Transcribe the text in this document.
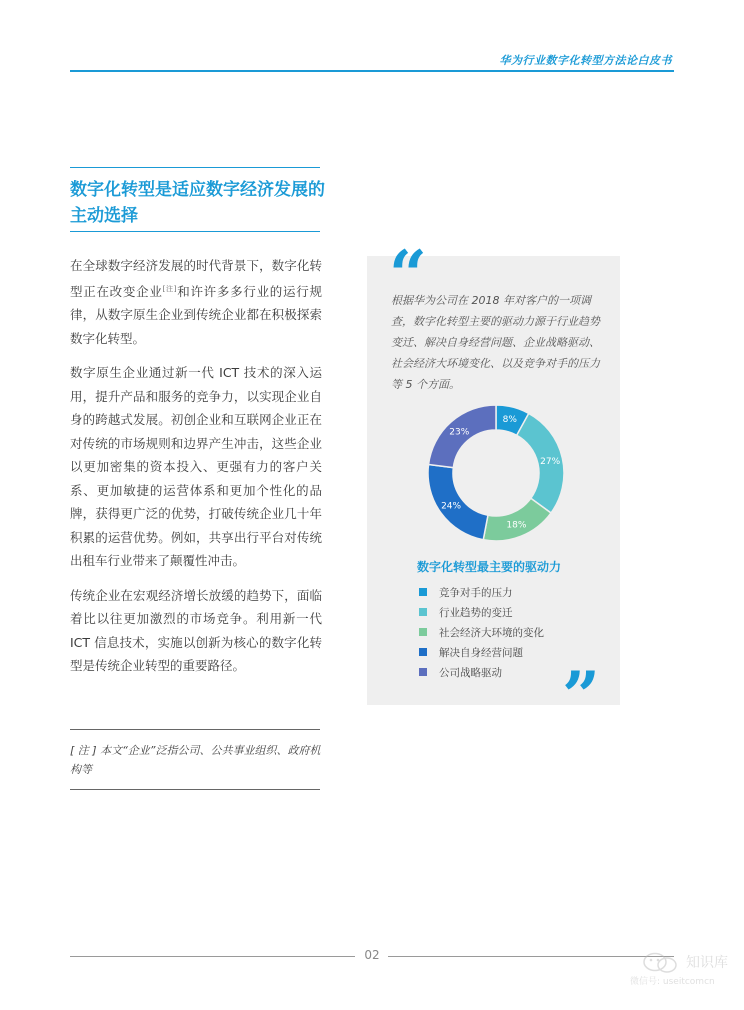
华为行业数字化转型方法论白皮书
数字化转型是适应数字经济发展的主动选择

在全球数字经济发展的时代背景下，数字化转型正在改变企业[注]和许许多多行业的运行规律，从数字原生企业到传统企业都在积极探索数字化转型。

数字原生企业通过新一代 ICT 技术的深入运用，提升产品和服务的竞争力，以实现企业自身的跨越式发展。初创企业和互联网企业正在对传统的市场规则和边界产生冲击，这些企业以更加密集的资本投入、更强有力的客户关系、更加敏捷的运营体系和更加个性化的品牌，获得更广泛的优势，打破传统企业几十年积累的运营优势。例如，共享出行平台对传统出租车行业带来了颠覆性冲击。

传统企业在宏观经济增长放缓的趋势下，面临着比以往更加激烈的市场竞争。利用新一代 ICT 信息技术，实施以创新为核心的数字化转型是传统企业转型的重要路径。

[ 注 ] 本文“企业”泛指公司、公共事业组织、政府机构等
“
根据华为公司在 2018 年对客户的一项调查，数字化转型主要的驱动力源于行业趋势变迁、解决自身经营问题、企业战略驱动、社会经济大环境变化、以及竞争对手的压力等 5 个方面。
8%
27%
18%
24%
23%
数字化转型最主要的驱动力
竞争对手的压力
行业趋势的变迁
社会经济大环境的变化
解决自身经营问题
公司战略驱动 ”
02	知识库
微信号: useitcomcn
